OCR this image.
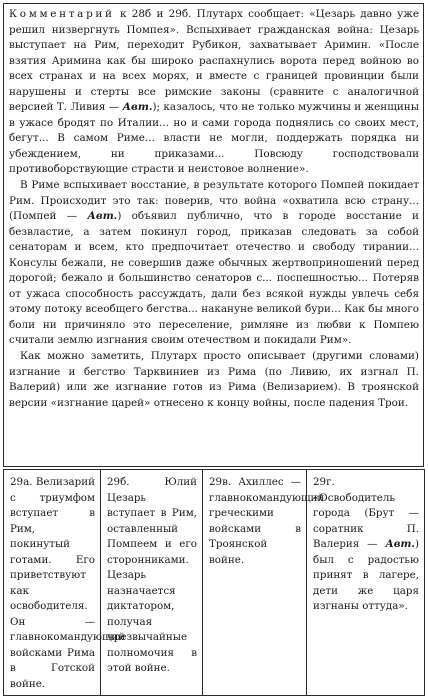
Комментарий к 28б и 29б. Плутарх сообщает: «Цезарь давно уже решил низвергнуть Помпея». Вспыхивает гражданская война: Цезарь выступает на Рим, переходит Рубикон, захватывает Аримин. «После взятия Аримина как бы широко распахнулись ворота перед войною во всех странах и на всех морях, и вместе с границей провинции были нарушены и стерты все римские законы (сравните с аналогичной версией Т. Ливия — Авт.); казалось, что не только мужчины и женщины в ужасе бродят по Италии... но и сами города поднялись со своих мест, бегут... В самом Риме... власти не могли, поддержать порядка ни убеждением, ни приказами... Повсюду господствовали противоборствующие страсти и неистовое волнение».

В Риме вспыхивает восстание, в результате которого Помпей покидает Рим. Происходит это так: поверив, что война «охватила всю страну... (Помпей — Авт.) объявил публично, что в городе восстание и безвластие, а затем покинул город, приказав следовать за собой сенаторам и всем, кто предпочитает отечество и свободу тирании... Консулы бежали, не совершив даже обычных жертвоприношений перед дорогой; бежало и большинство сенаторов с... поспешностью... Потеряв от ужаса способность рассуждать, дали без всякой нужды увлечь себя этому потоку всеобщего бегства... накануне великой бури... Как бы много боли ни причиняло это переселение, римляне из любви к Помпею считали землю изгнания своим отечеством и покидали Рим».

Как можно заметить, Плутарх просто описывает (другими словами) изгнание и бегство Тарквиниев из Рима (по Ливию, их изгнал П. Валерий) или же изгнание готов из Рима (Велизарием). В троянской версии «изгнание царей» отнесено к концу войны, после падения Трои.

29а. Велизарий с триумфом вступает в Рим, покинутый готами. Его приветствуют как освободителя. Он — главнокомандующий войсками Рима в Готской войне.	29б. Юлий Цезарь вступает в Рим, оставленный Помпеем и его сторонниками. Цезарь назначается диктатором, получая чрезвычайные полномочия в этой войне.	29в. Ахиллес — главнокомандующий греческими войсками в Троянской войне.	29г. «Освободитель города (Брут — соратник П. Валерия — Авт.) был с радостью принят в лагере, дети же царя изгнаны оттуда».
